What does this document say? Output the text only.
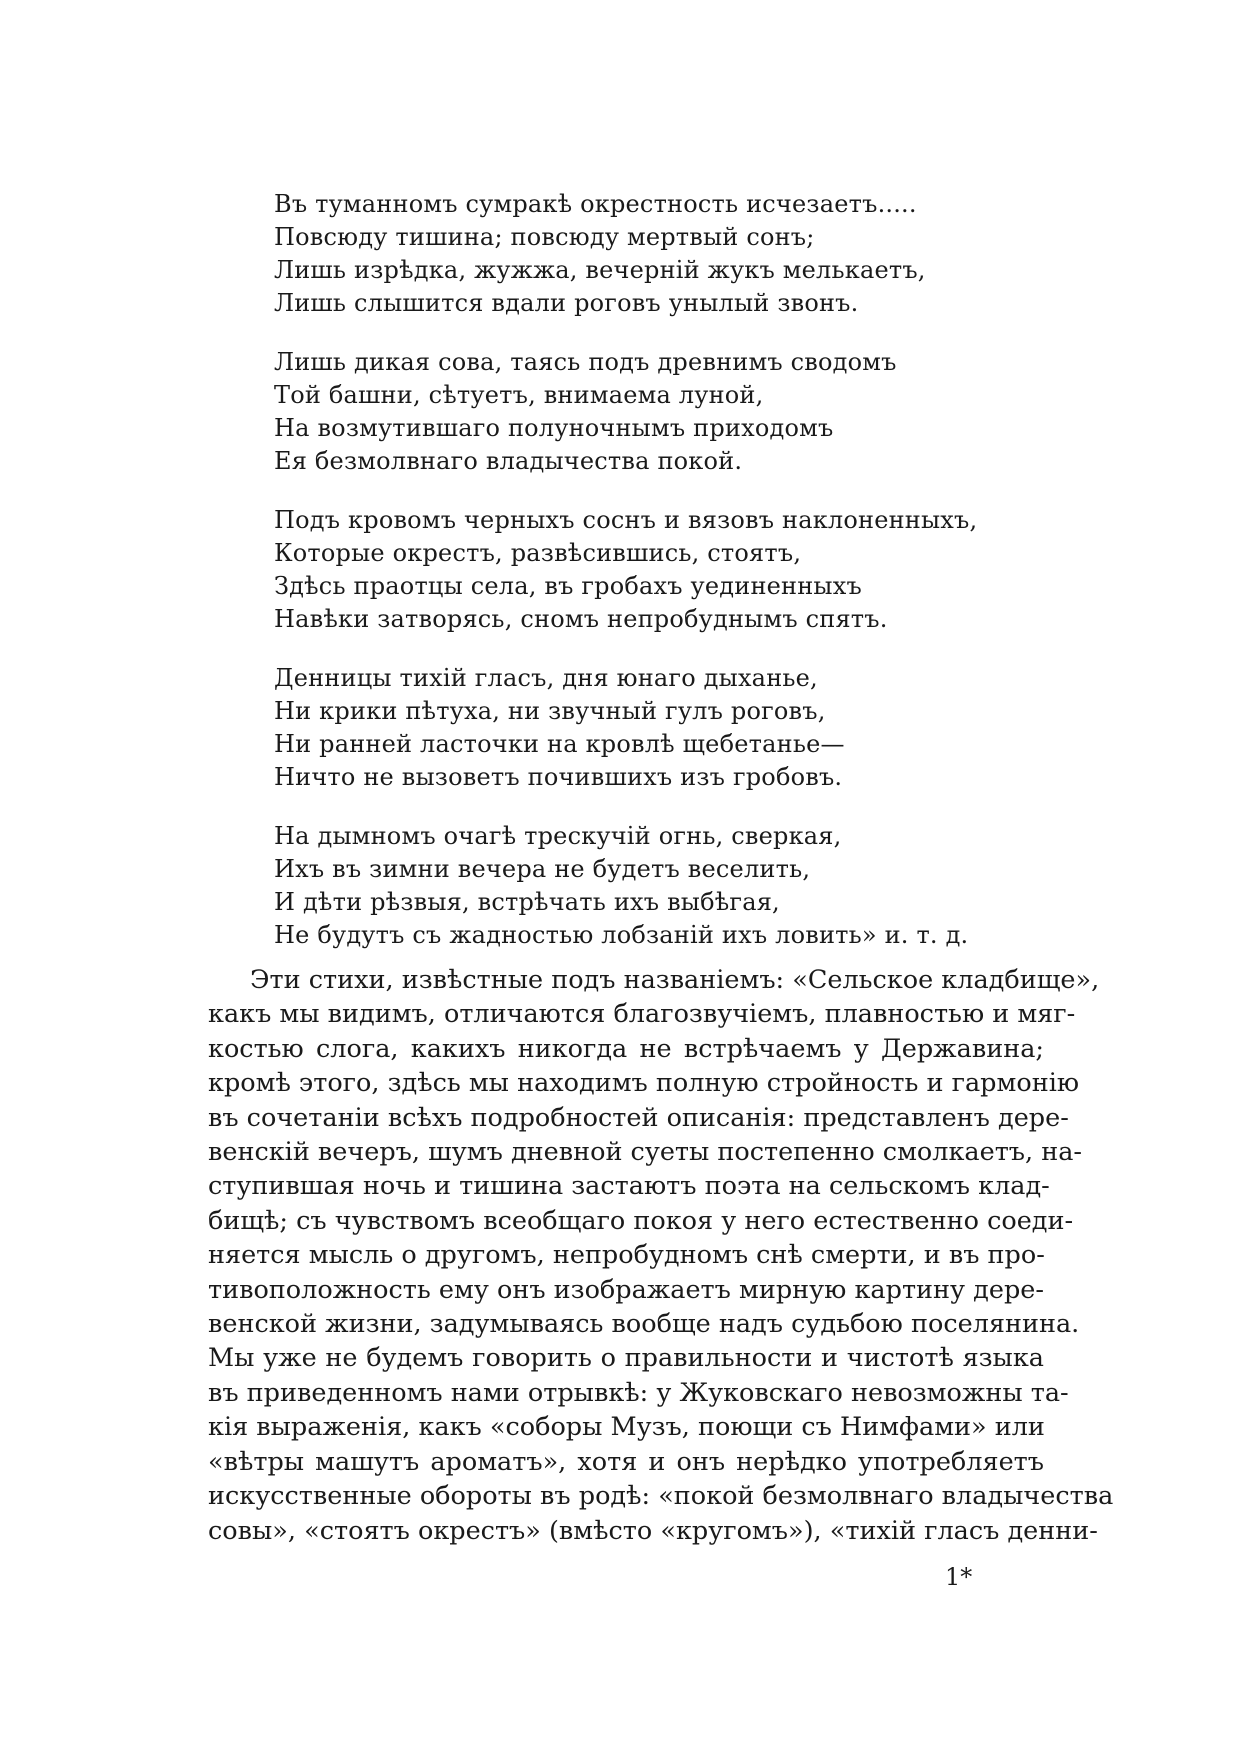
Въ туманномъ сумракѣ окрестность исчезаетъ.....
Повсюду тишина; повсюду мертвый сонъ;
Лишь изрѣдка, жужжа, вечерній жукъ мелькаетъ,
Лишь слышится вдали роговъ унылый звонъ.
Лишь дикая сова, таясь подъ древнимъ сводомъ
Той башни, сѣтуетъ, внимаема луной,
На возмутившаго полуночнымъ приходомъ
Ея безмолвнаго владычества покой.
Подъ кровомъ черныхъ соснъ и вязовъ наклоненныхъ,
Которые окрестъ, развѣсившись, стоятъ,
Здѣсь праотцы села, въ гробахъ уединенныхъ
Навѣки затворясь, сномъ непробуднымъ спятъ.
Денницы тихій гласъ, дня юнаго дыханье,
Ни крики пѣтуха, ни звучный гулъ роговъ,
Ни ранней ласточки на кровлѣ щебетанье—
Ничто не вызоветъ почившихъ изъ гробовъ.
На дымномъ очагѣ трескучій огнь, сверкая,
Ихъ въ зимни вечера не будетъ веселить,
И дѣти рѣзвыя, встрѣчать ихъ выбѣгая,
Не будутъ съ жадностью лобзаній ихъ ловить» и. т. д.
Эти стихи, извѣстные подъ названіемъ: «Сельское кладбище»,
какъ мы видимъ, отличаются благозвучіемъ, плавностью и мяг-
костью слога, какихъ никогда не встрѣчаемъ у Державина;
кромѣ этого, здѣсь мы находимъ полную стройность и гармонію
въ сочетаніи всѣхъ подробностей описанія: представленъ дере-
венскій вечеръ, шумъ дневной суеты постепенно смолкаетъ, на-
ступившая ночь и тишина застаютъ поэта на сельскомъ клад-
бищѣ; съ чувствомъ всеобщаго покоя у него естественно соеди-
няется мысль о другомъ, непробудномъ снѣ смерти, и въ про-
тивоположность ему онъ изображаетъ мирную картину дере-
венской жизни, задумываясь вообще надъ судьбою поселянина.
Мы уже не будемъ говорить о правильности и чистотѣ языка
въ приведенномъ нами отрывкѣ: у Жуковскаго невозможны та-
кія выраженія, какъ «соборы Музъ, поющи съ Нимфами» или
«вѣтры машутъ ароматъ», хотя и онъ нерѣдко употребляетъ
искусственные обороты въ родѣ: «покой безмолвнаго владычества
совы», «стоятъ окрестъ» (вмѣсто «кругомъ»), «тихій гласъ денни-
1*
